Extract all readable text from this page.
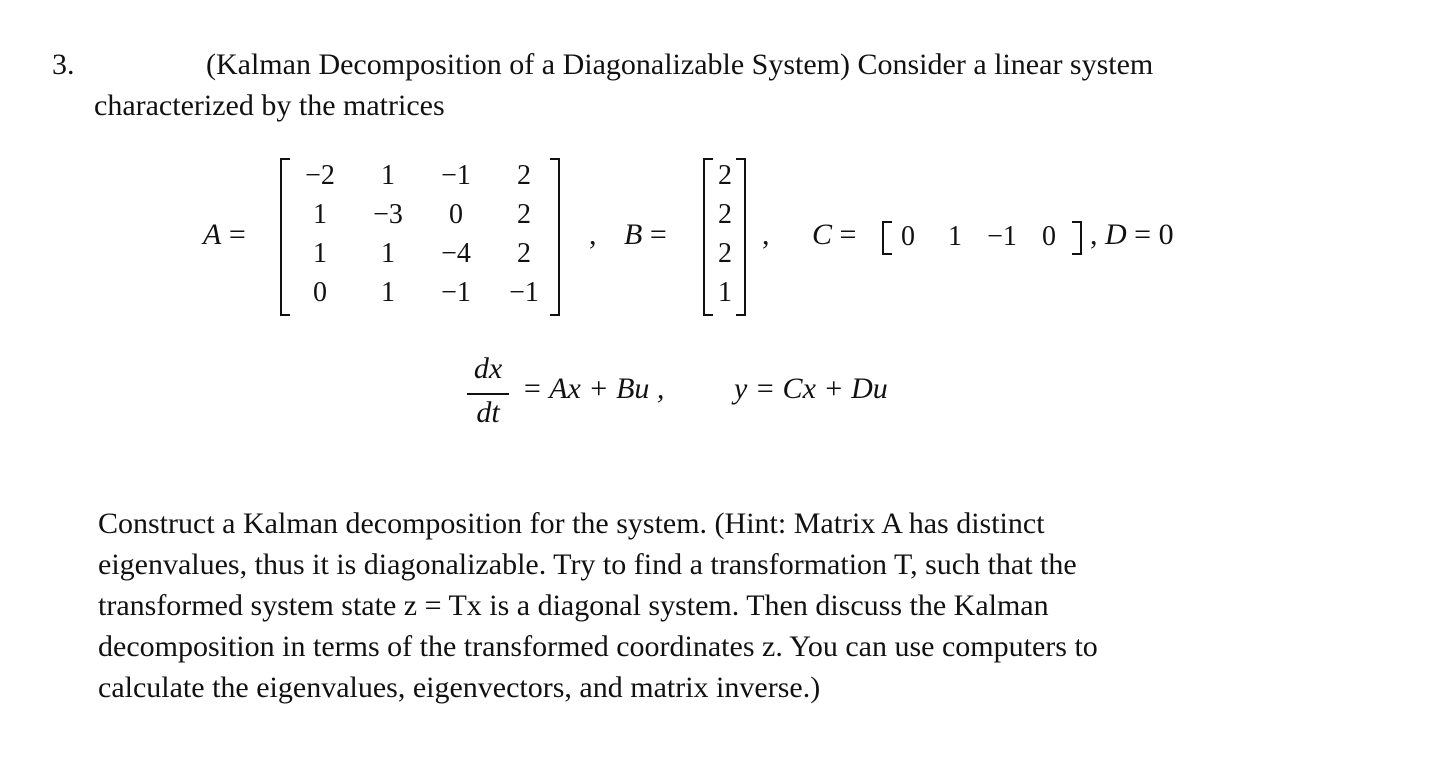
3.	(Kalman Decomposition of a Diagonalizable System) Consider a linear system
characterized by the matrices
A =
−2	1	−1	2
1	−3	0	2
1	1	−4	2
0	1	−1	−1
, B =
2
2
2
1
, C =	0	1 −1 0	, D = 0
dx
dt
= Ax + Bu , y = Cx + Du
Construct a Kalman decomposition for the system. (Hint: Matrix A has distinct
eigenvalues, thus it is diagonalizable. Try to find a transformation T, such that the
transformed system state z = Tx is a diagonal system. Then discuss the Kalman
decomposition in terms of the transformed coordinates z. You can use computers to
calculate the eigenvalues, eigenvectors, and matrix inverse.)
